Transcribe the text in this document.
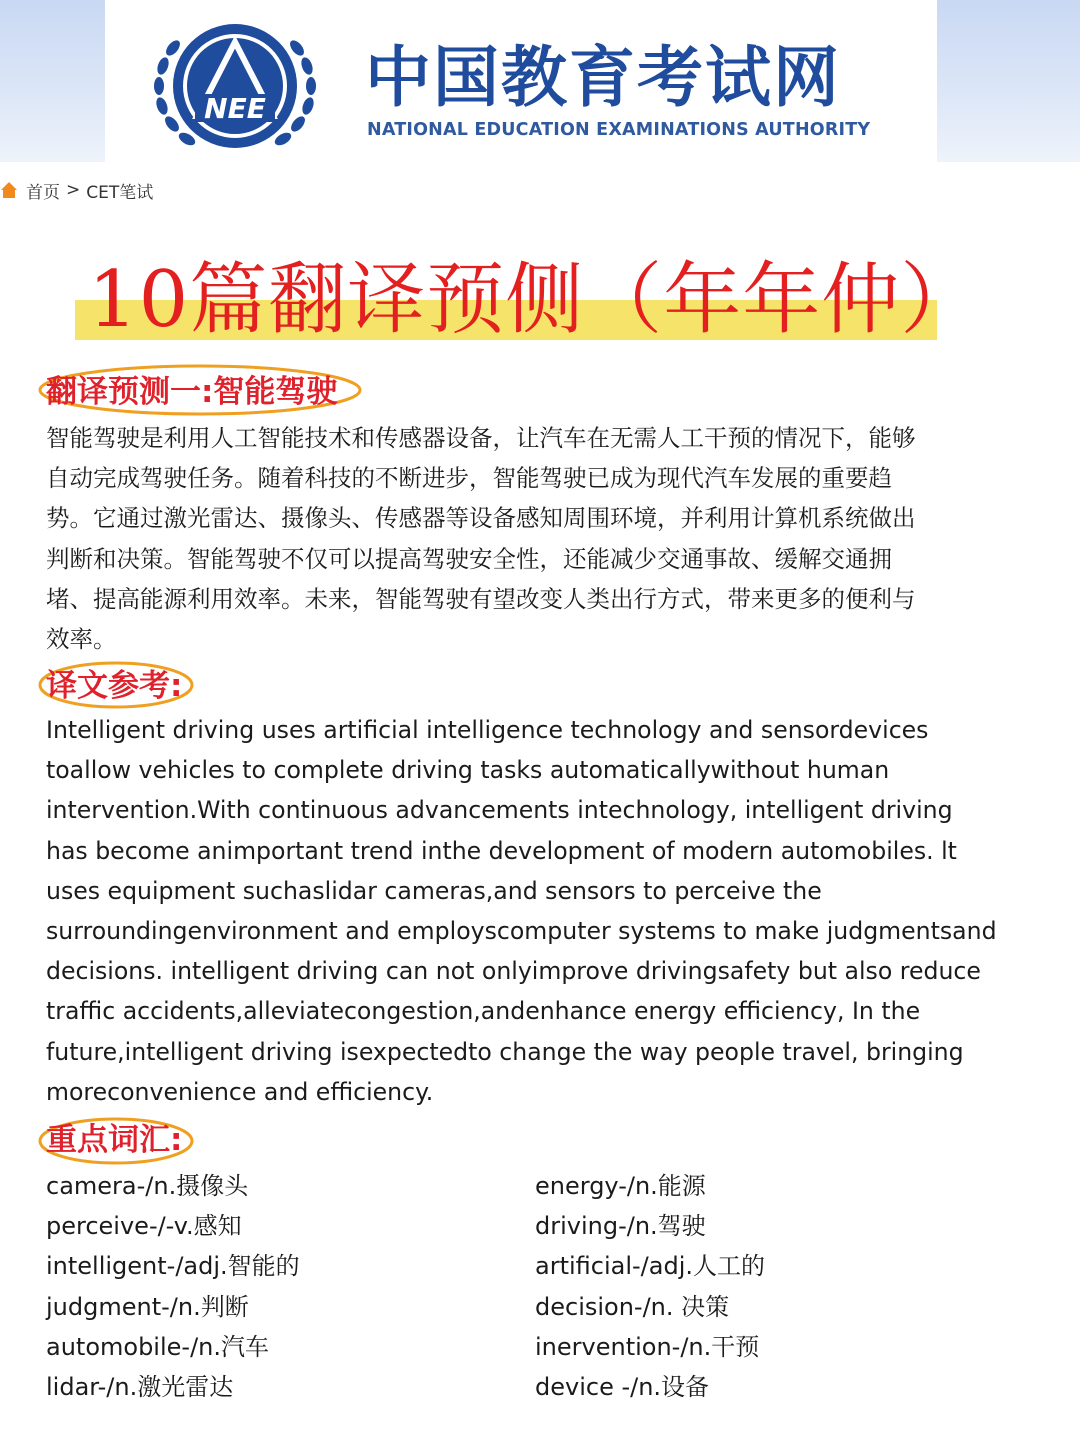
NEE 中国教育考试网
NATIONAL EDUCATION EXAMINATIONS AUTHORITY
首页 > CET笔试
10篇翻译预侧（年年仲）
翻译预测一:智能驾驶
智能驾驶是利用人工智能技术和传感器设备，让汽车在无需人工干预的情况下，能够
自动完成驾驶任务。随着科技的不断进步，智能驾驶已成为现代汽车发展的重要趋
势。它通过激光雷达、摄像头、传感器等设备感知周围环境，并利用计算机系统做出
判断和决策。智能驾驶不仅可以提高驾驶安全性，还能减少交通事故、缓解交通拥
堵、提高能源利用效率。未来，智能驾驶有望改变人类出行方式，带来更多的便利与
效率。
译文参考:
Intelligent driving uses artificial intelligence technology and sensordevices
toallow vehicles to complete driving tasks automaticallywithout human
intervention.With continuous advancements intechnology, intelligent driving
has become animportant trend inthe development of modern automobiles. lt
uses equipment suchaslidar cameras,and sensors to perceive the
surroundingenvironment and employscomputer systems to make judgmentsand
decisions. intelligent driving can not onlyimprove drivingsafety but also reduce
traffic accidents,alleviatecongestion,andenhance energy efficiency, In the
future,intelligent driving isexpectedto change the way people travel, bringing
moreconvenience and efficiency.
重点词汇:
camera-/n.摄像头
perceive-/-v.感知
intelligent-/adj.智能的
judgment-/n.判断
automobile-/n.汽车
lidar-/n.激光雷达
energy-/n.能源
driving-/n.驾驶
artificial-/adj.人工的
decision-/n. 决策
inervention-/n.干预
device -/n.设备
